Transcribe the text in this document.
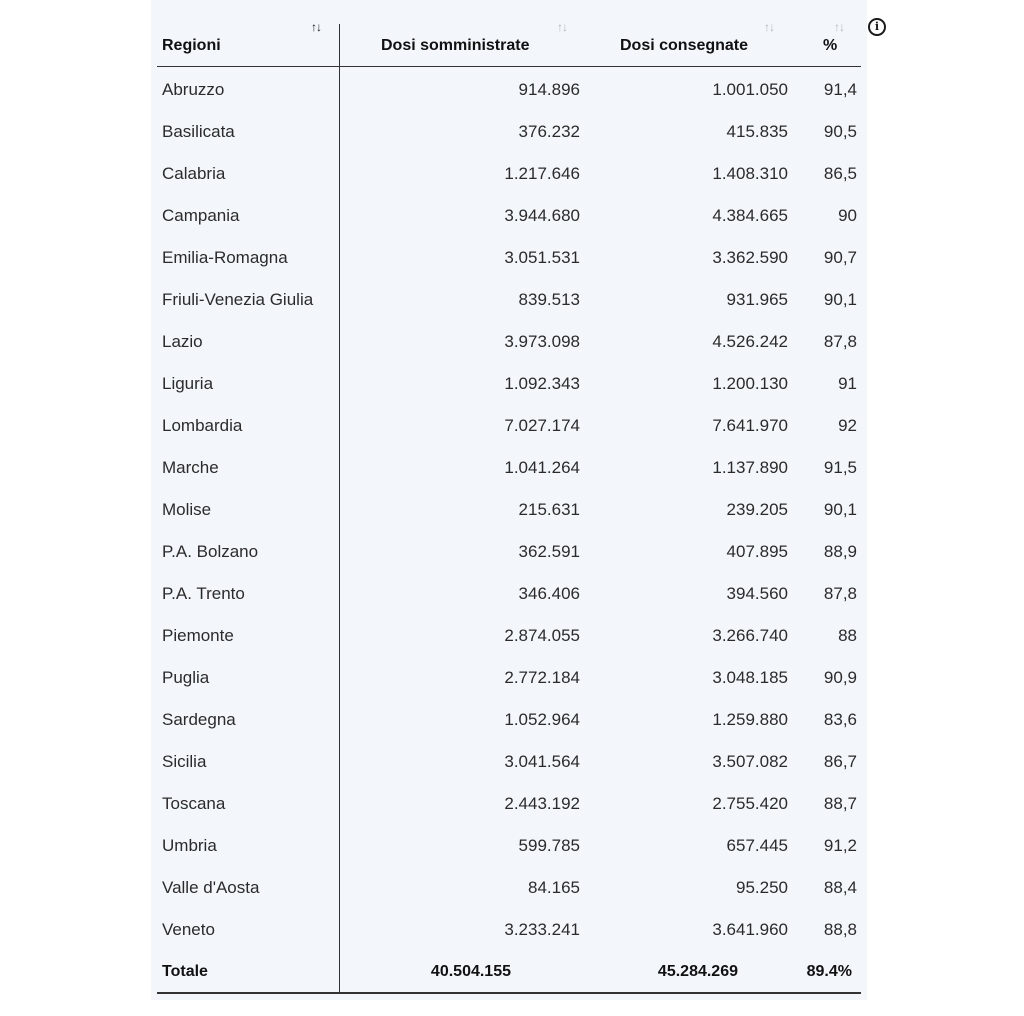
i
↑↓	↑↓	↑↓	↑↓
Regioni	Dosi somministrate	Dosi consegnate	%
Abruzzo	914.896	1.001.050 91,4
Basilicata	376.232	415.835 90,5
Calabria	1.217.646	1.408.310 86,5
Campania	3.944.680	4.384.665	90
Emilia-Romagna	3.051.531	3.362.590 90,7
Friuli-Venezia Giulia	839.513	931.965 90,1
Lazio	3.973.098	4.526.242 87,8
Liguria	1.092.343	1.200.130	91
Lombardia	7.027.174	7.641.970	92
Marche	1.041.264	1.137.890 91,5
Molise	215.631	239.205 90,1
P.A. Bolzano	362.591	407.895 88,9
P.A. Trento	346.406	394.560 87,8
Piemonte	2.874.055	3.266.740	88
Puglia	2.772.184	3.048.185 90,9
Sardegna	1.052.964	1.259.880 83,6
Sicilia	3.041.564	3.507.082 86,7
Toscana	2.443.192	2.755.420 88,7
Umbria	599.785	657.445 91,2
Valle d'Aosta	84.165	95.250 88,4
Veneto	3.233.241	3.641.960 88,8
Totale	40.504.155	45.284.269	89.4%
